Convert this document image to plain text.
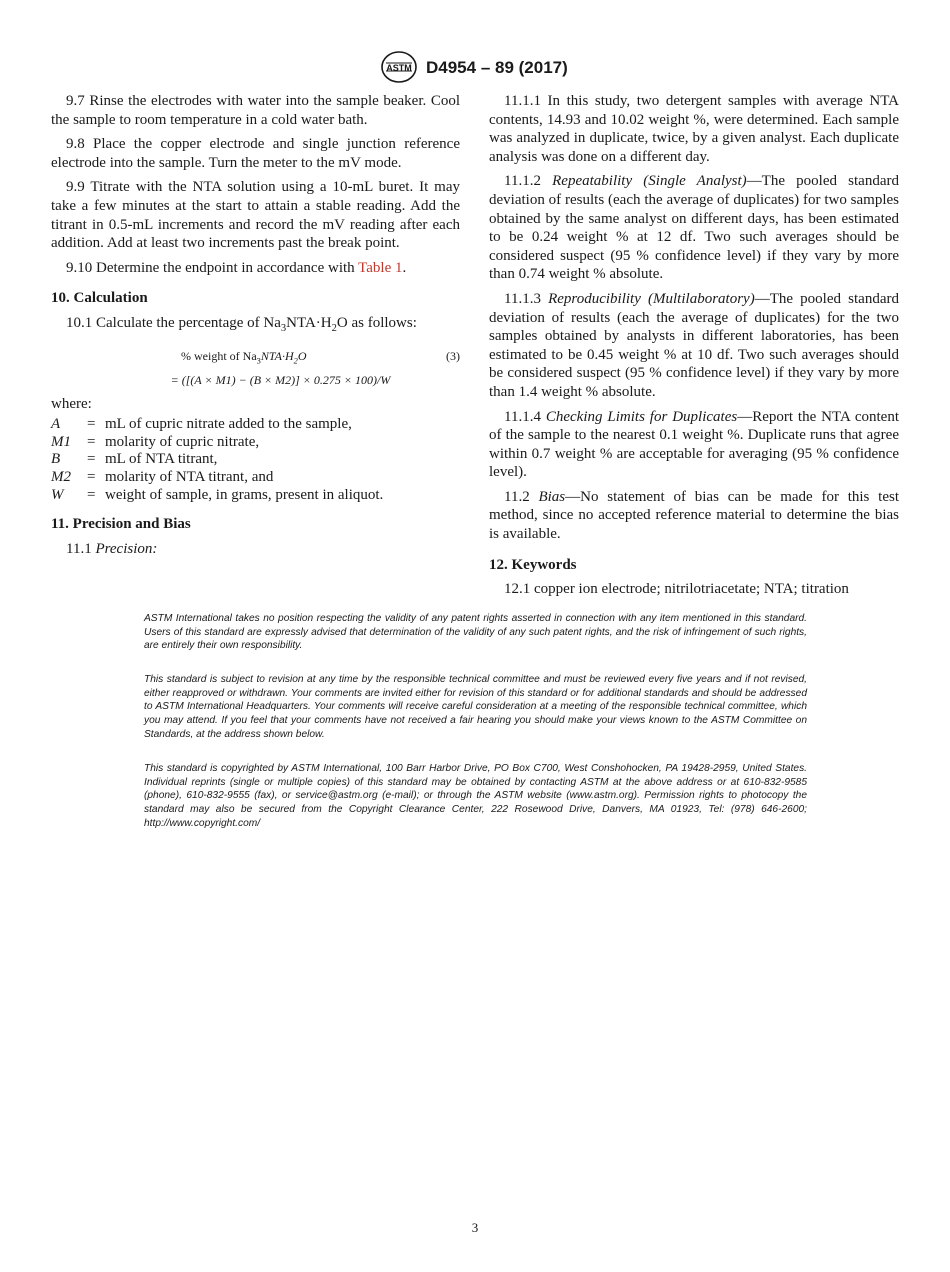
ASTM D4954 – 89 (2017)

9.7 Rinse the electrodes with water into the sample beaker. Cool the sample to room temperature in a cold water bath.

9.8 Place the copper electrode and single junction reference electrode into the sample. Turn the meter to the mV mode.

9.9 Titrate with the NTA solution using a 10-mL buret. It may take a few minutes at the start to attain a stable reading. Add the titrant in 0.5-mL increments and record the mV reading after each addition. Add at least two increments past the break point.

9.10 Determine the endpoint in accordance with Table 1.

10. Calculation

10.1 Calculate the percentage of $Na_3NTA\cdot H_2O$ as follows:

% weight of $Na_3NTA\cdot H_2O$	(3)
= ([(A × M1) − (B × M2)] × 0.275 × 100)/W
where:
A	= mL of cupric nitrate added to the sample,
M1	= molarity of cupric nitrate,
B	= mL of NTA titrant,
M2	= molarity of NTA titrant, and
W	= weight of sample, in grams, present in aliquot.
11. Precision and Bias

11.1 Precision:

11.1.1 In this study, two detergent samples with average NTA contents, 14.93 and 10.02 weight %, were determined. Each sample was analyzed in duplicate, twice, by a given analyst. Each duplicate analysis was done on a different day.

11.1.2 Repeatability (Single Analyst)—The pooled standard deviation of results (each the average of duplicates) for two samples obtained by the same analyst on different days, has been estimated to be 0.24 weight % at 12 df. Two such averages should be considered suspect (95 % confidence level) if they vary by more than 0.74 weight % absolute.

11.1.3 Reproducibility (Multilaboratory)—The pooled standard deviation of results (each the average of duplicates) for the two samples obtained by analysts in different laboratories, has been estimated to be 0.45 weight % at 10 df. Two such averages should be considered suspect (95 % confidence level) if they vary by more than 1.4 weight % absolute.

11.1.4 Checking Limits for Duplicates—Report the NTA content of the sample to the nearest 0.1 weight %. Duplicate runs that agree within 0.7 weight % are acceptable for averaging (95 % confidence level).

11.2 Bias—No statement of bias can be made for this test method, since no accepted reference material to determine the bias is available.

12. Keywords

12.1 copper ion electrode; nitrilotriacetate; NTA; titration

ASTM International takes no position respecting the validity of any patent rights asserted in connection with any item mentioned in this standard. Users of this standard are expressly advised that determination of the validity of any such patent rights, and the risk of infringement of such rights, are entirely their own responsibility.
This standard is subject to revision at any time by the responsible technical committee and must be reviewed every five years and if not revised, either reapproved or withdrawn. Your comments are invited either for revision of this standard or for additional standards and should be addressed to ASTM International Headquarters. Your comments will receive careful consideration at a meeting of the responsible technical committee, which you may attend. If you feel that your comments have not received a fair hearing you should make your views known to the ASTM Committee on Standards, at the address shown below.
This standard is copyrighted by ASTM International, 100 Barr Harbor Drive, PO Box C700, West Conshohocken, PA 19428-2959, United States. Individual reprints (single or multiple copies) of this standard may be obtained by contacting ASTM at the above address or at 610-832-9585 (phone), 610-832-9555 (fax), or service@astm.org (e-mail); or through the ASTM website (www.astm.org). Permission rights to photocopy the standard may also be secured from the Copyright Clearance Center, 222 Rosewood Drive, Danvers, MA 01923, Tel: (978) 646-2600; http://www.copyright.com/
3
